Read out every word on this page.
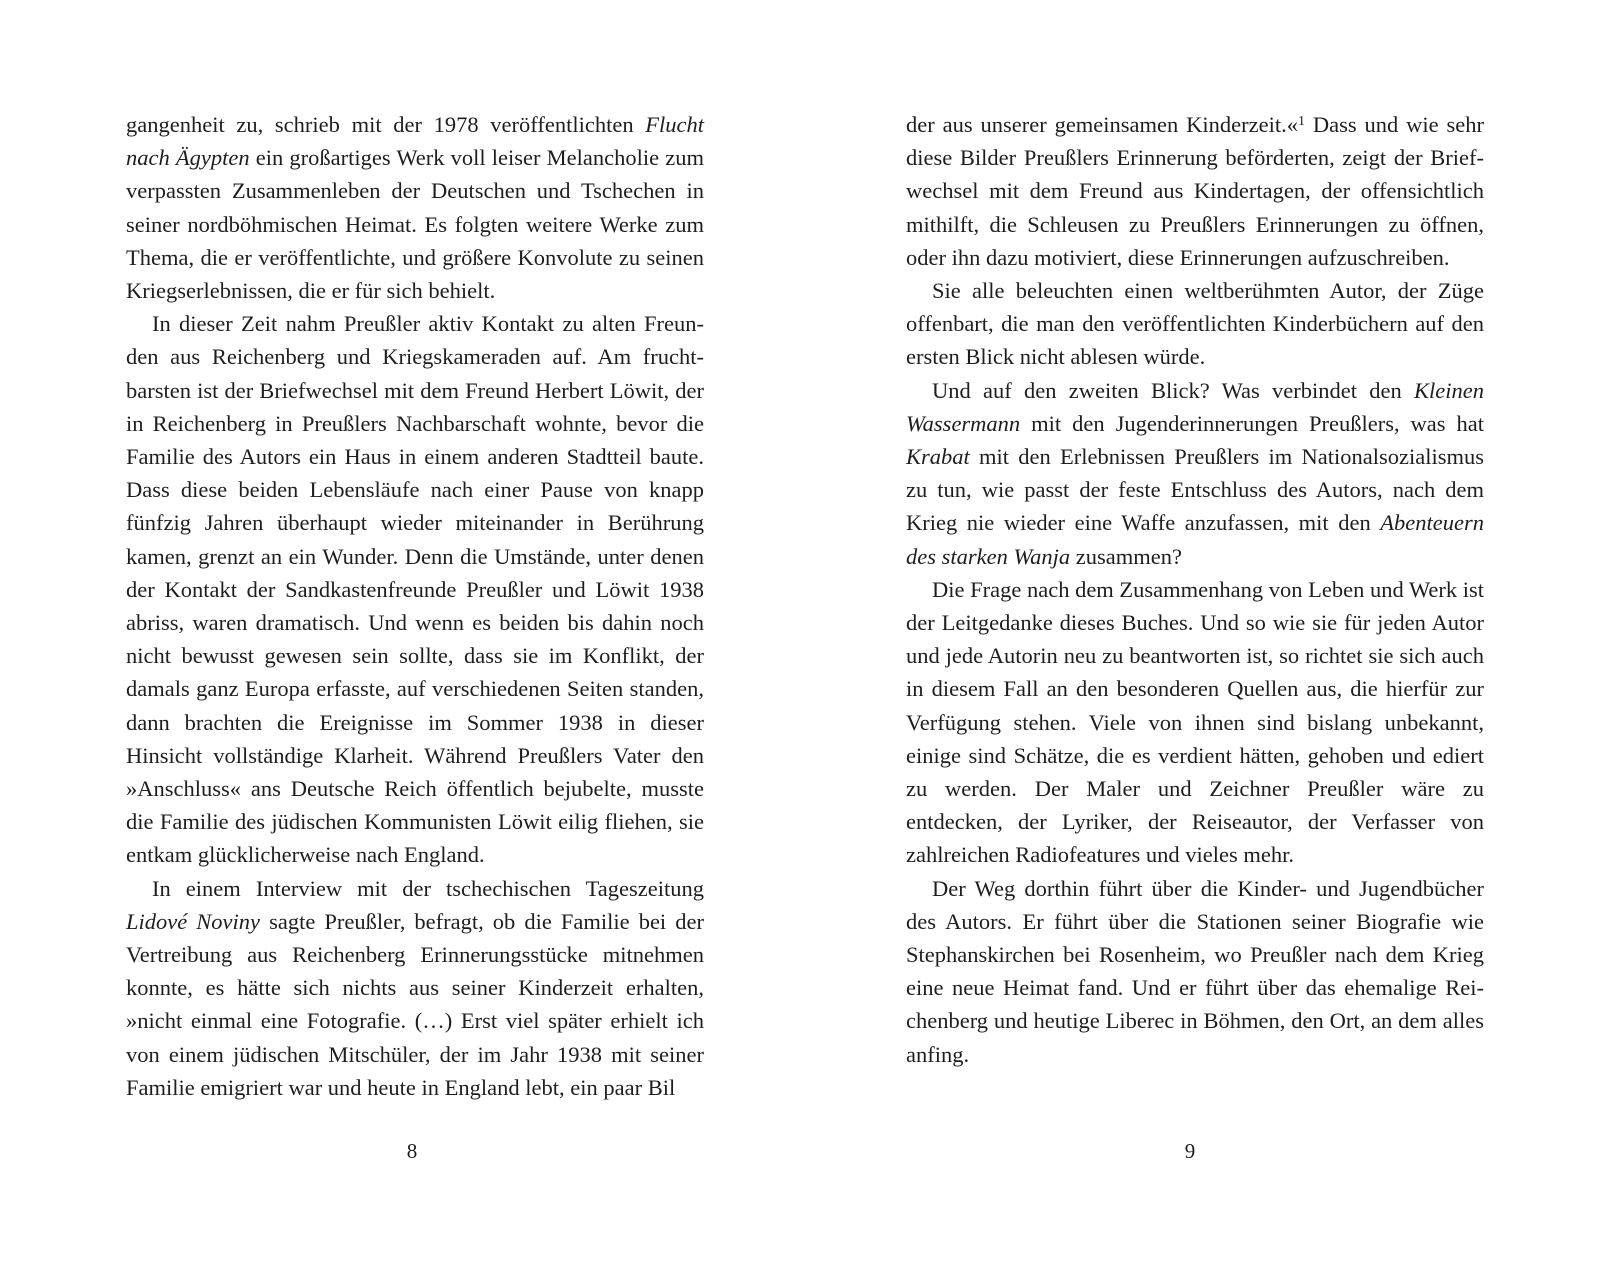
gangenheit zu, schrieb mit der 1978 veröffentlichten Flucht nach Ägypten ein großartiges Werk voll leiser Melancholie zum verpassten Zusammenleben der Deutschen und Tschechen in seiner nordböhmischen Heimat. Es folgten weitere Werke zum Thema, die er veröffentlichte, und größere Konvolute zu seinen Kriegserlebnissen, die er für sich behielt.

In dieser Zeit nahm Preußler aktiv Kontakt zu alten Freunden aus Reichenberg und Kriegskameraden auf. Am fruchtbarsten ist der Briefwechsel mit dem Freund Herbert Löwit, der in Reichenberg in Preußlers Nachbarschaft wohnte, bevor die Familie des Autors ein Haus in einem anderen Stadtteil baute. Dass diese beiden Lebensläufe nach einer Pause von knapp fünfzig Jahren überhaupt wieder miteinander in Berührung kamen, grenzt an ein Wunder. Denn die Umstände, unter denen der Kontakt der Sandkastenfreunde Preußler und Löwit 1938 abriss, waren dramatisch. Und wenn es beiden bis dahin noch nicht bewusst gewesen sein sollte, dass sie im Konflikt, der damals ganz Europa erfasste, auf verschiedenen Seiten standen, dann brachten die Ereignisse im Sommer 1938 in dieser Hinsicht vollständige Klarheit. Während Preußlers Vater den »Anschluss« ans Deutsche Reich öffentlich bejubelte, musste die Familie des jüdischen Kommunisten Löwit eilig fliehen, sie entkam glücklicherweise nach England.

In einem Interview mit der tschechischen Tageszeitung Lidové Noviny sagte Preußler, befragt, ob die Familie bei der Vertreibung aus Reichenberg Erinnerungsstücke mitnehmen konnte, es hätte sich nichts aus seiner Kinderzeit erhalten, »nicht einmal eine Fotografie. (…) Erst viel später erhielt ich von einem jüdischen Mitschüler, der im Jahr 1938 mit seiner Familie emigriert war und heute in England lebt, ein paar Bil

8

der aus unserer gemeinsamen Kinderzeit.«$^1$ Dass und wie sehr diese Bilder Preußlers Erinnerung beförderten, zeigt der Briefwechsel mit dem Freund aus Kindertagen, der offensichtlich mithilft, die Schleusen zu Preußlers Erinnerungen zu öffnen, oder ihn dazu motiviert, diese Erinnerungen aufzuschreiben.

Sie alle beleuchten einen weltberühmten Autor, der Züge offenbart, die man den veröffentlichten Kinderbüchern auf den ersten Blick nicht ablesen würde.

Und auf den zweiten Blick? Was verbindet den Kleinen Wassermann mit den Jugenderinnerungen Preußlers, was hat Krabat mit den Erlebnissen Preußlers im Nationalsozialismus zu tun, wie passt der feste Entschluss des Autors, nach dem Krieg nie wieder eine Waffe anzufassen, mit den Abenteuern des starken Wanja zusammen?

Die Frage nach dem Zusammenhang von Leben und Werk ist der Leitgedanke dieses Buches. Und so wie sie für jeden Autor und jede Autorin neu zu beantworten ist, so richtet sie sich auch in diesem Fall an den besonderen Quellen aus, die hierfür zur Verfügung stehen. Viele von ihnen sind bislang unbekannt, einige sind Schätze, die es verdient hätten, gehoben und ediert zu werden. Der Maler und Zeichner Preußler wäre zu entdecken, der Lyriker, der Reiseautor, der Verfasser von zahlreichen Radiofeatures und vieles mehr.

Der Weg dorthin führt über die Kinder- und Jugendbücher des Autors. Er führt über die Stationen seiner Biografie wie Stephanskirchen bei Rosenheim, wo Preußler nach dem Krieg eine neue Heimat fand. Und er führt über das ehemalige Reichenberg und heutige Liberec in Böhmen, den Ort, an dem alles anfing.

9
